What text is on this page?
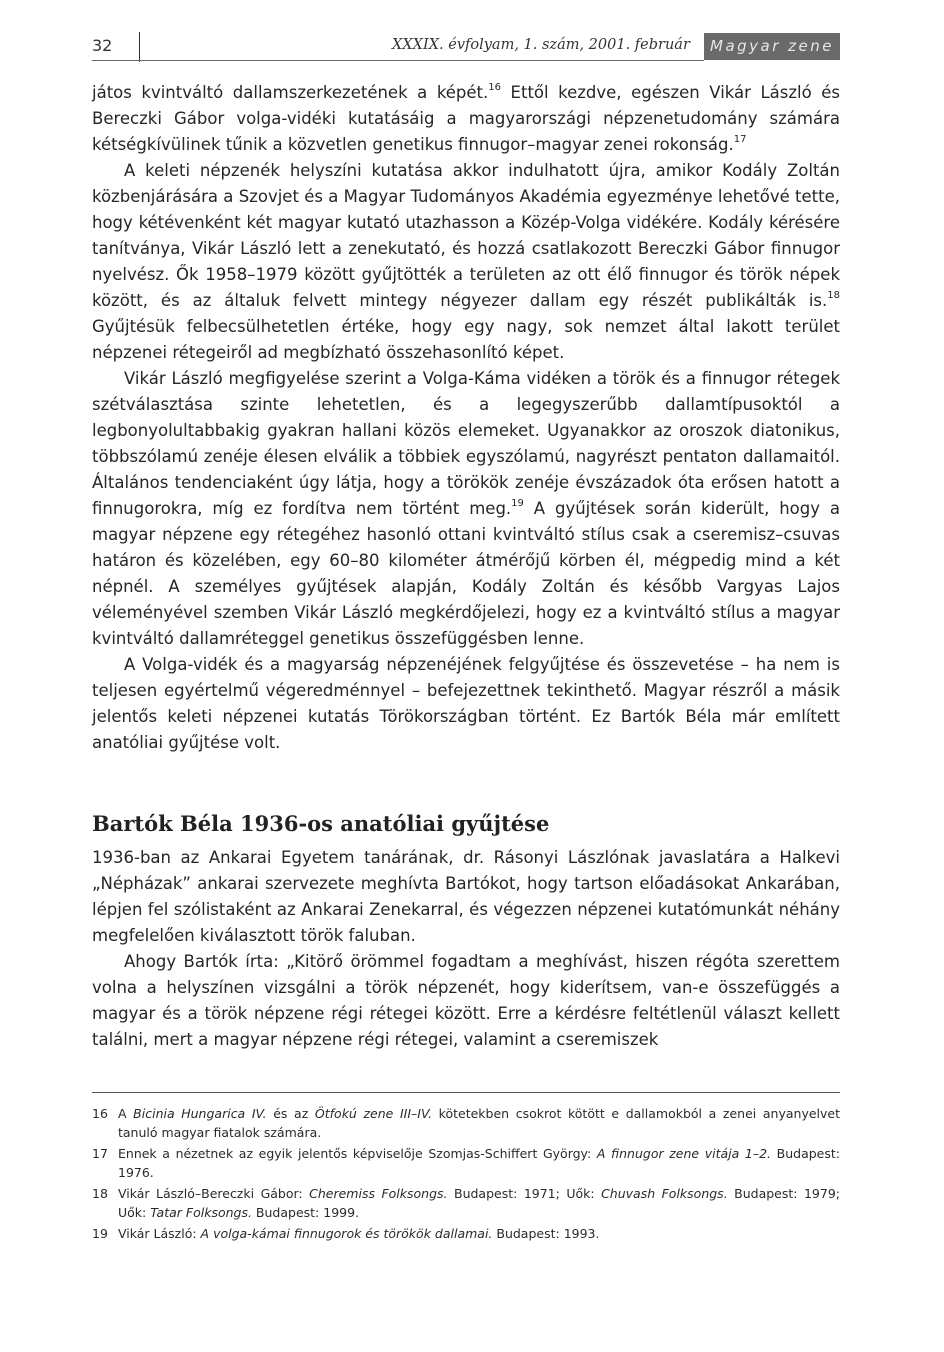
32	XXXIX. évfolyam, 1. szám, 2001. február	Magyar zene

játos kvintváltó dallamszerkezetének a képét.$^{16}$ Ettől kezdve, egészen Vikár László és Bereczki Gábor volga-vidéki kutatásáig a magyarországi népzenetudomány számára kétségkívülinek tűnik a közvetlen genetikus finnugor–magyar zenei rokonság.$^{17}$

A keleti népzenék helyszíni kutatása akkor indulhatott újra, amikor Kodály Zoltán közbenjárására a Szovjet és a Magyar Tudományos Akadémia egyezménye lehetővé tette, hogy kétévenként két magyar kutató utazhasson a Közép-Volga vidékére. Kodály kérésére tanítványa, Vikár László lett a zenekutató, és hozzá csatlakozott Bereczki Gábor finnugor nyelvész. Ők 1958–1979 között gyűjtötték a területen az ott élő finnugor és török népek között, és az általuk felvett mintegy négyezer dallam egy részét publikálták is.$^{18}$ Gyűjtésük felbecsülhetetlen értéke, hogy egy nagy, sok nemzet által lakott terület népzenei rétegeiről ad megbízható összehasonlító képet.

Vikár László megfigyelése szerint a Volga-Káma vidéken a török és a finnugor rétegek szétválasztása szinte lehetetlen, és a legegyszerűbb dallamtípusoktól a legbonyolultabbakig gyakran hallani közös elemeket. Ugyanakkor az oroszok diatonikus, többszólamú zenéje élesen elválik a többiek egyszólamú, nagyrészt pentaton dallamaitól. Általános tendenciaként úgy látja, hogy a törökök zenéje évszázadok óta erősen hatott a finnugorokra, míg ez fordítva nem történt meg.$^{19}$ A gyűjtések során kiderült, hogy a magyar népzene egy rétegéhez hasonló ottani kvintváltó stílus csak a cseremisz–csuvas határon és közelében, egy 60–80 kilométer átmérőjű körben él, mégpedig mind a két népnél. A személyes gyűjtések alapján, Kodály Zoltán és később Vargyas Lajos véleményével szemben Vikár László megkérdőjelezi, hogy ez a kvintváltó stílus a magyar kvintváltó dallamréteggel genetikus összefüggésben lenne.

A Volga-vidék és a magyarság népzenéjének felgyűjtése és összevetése – ha nem is teljesen egyértelmű végeredménnyel – befejezettnek tekinthető. Magyar részről a másik jelentős keleti népzenei kutatás Törökországban történt. Ez Bartók Béla már említett anatóliai gyűjtése volt.

Bartók Béla 1936-os anatóliai gyűjtése

1936-ban az Ankarai Egyetem tanárának, dr. Rásonyi Lászlónak javaslatára a Halkevi „Népházak” ankarai szervezete meghívta Bartókot, hogy tartson előadásokat Ankarában, lépjen fel szólistaként az Ankarai Zenekarral, és végezzen népzenei kutatómunkát néhány megfelelően kiválasztott török faluban.

Ahogy Bartók írta: „Kitörő örömmel fogadtam a meghívást, hiszen régóta szerettem volna a helyszínen vizsgálni a török népzenét, hogy kiderítsem, van-e összefüggés a magyar és a török népzene régi rétegei között. Erre a kérdésre feltétlenül választ kellett találni, mert a magyar népzene régi rétegei, valamint a cseremiszek

16 A Bicinia Hungarica IV. és az Ötfokú zene III–IV. kötetekben csokrot kötött e dallamokból a zenei anyanyelvet tanuló magyar fiatalok számára.
17 Ennek a nézetnek az egyik jelentős képviselője Szomjas-Schiffert György: A finnugor zene vitája 1–2. Budapest: 1976.
18 Vikár László–Bereczki Gábor: Cheremiss Folksongs. Budapest: 1971; Uők: Chuvash Folksongs. Budapest: 1979; Uők: Tatar Folksongs. Budapest: 1999.
19 Vikár László: A volga-kámai finnugorok és törökök dallamai. Budapest: 1993.
